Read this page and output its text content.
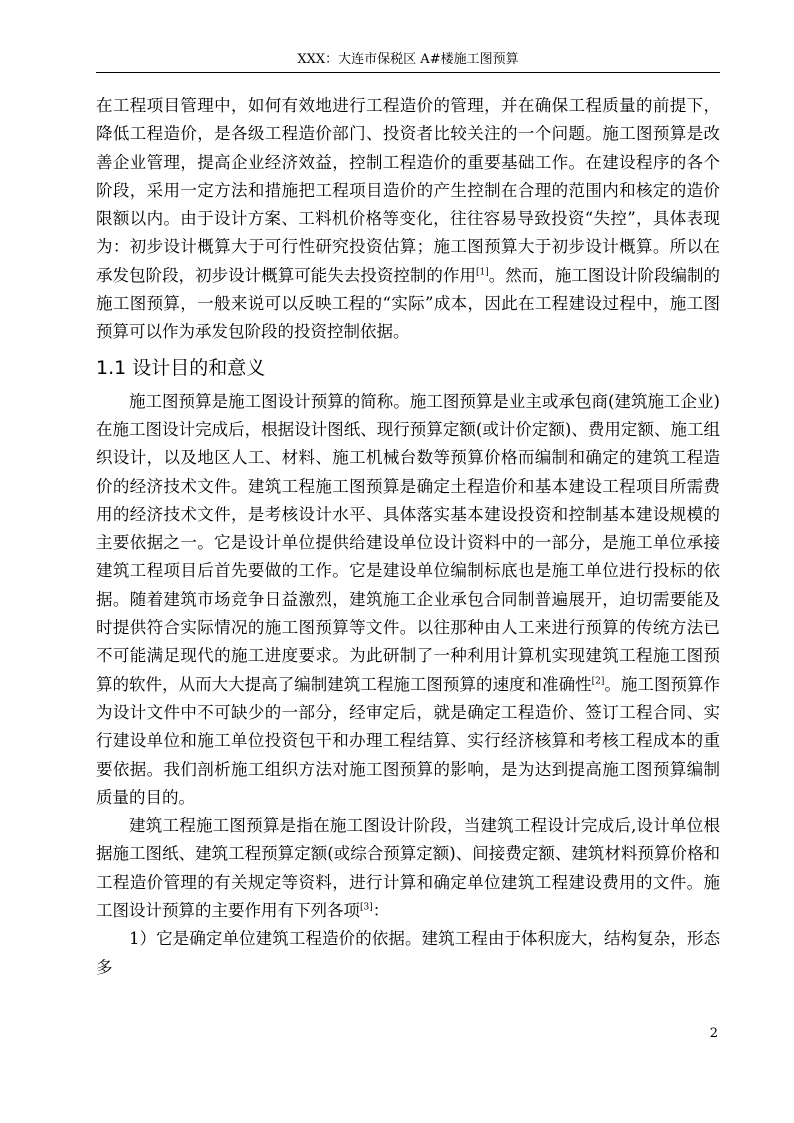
XXX：大连市保税区 A#楼施工图预算

在工程项目管理中，如何有效地进行工程造价的管理，并在确保工程质量的前提下，降低工程造价，是各级工程造价部门、投资者比较关注的一个问题。施工图预算是改善企业管理，提高企业经济效益，控制工程造价的重要基础工作。在建设程序的各个阶段，采用一定方法和措施把工程项目造价的产生控制在合理的范围内和核定的造价限额以内。由于设计方案、工料机价格等变化，往往容易导致投资“失控”，具体表现为：初步设计概算大于可行性研究投资估算；施工图预算大于初步设计概算。所以在承发包阶段，初步设计概算可能失去投资控制的作用[1]。然而，施工图设计阶段编制的施工图预算，一般来说可以反映工程的“实际”成本，因此在工程建设过程中，施工图预算可以作为承发包阶段的投资控制依据。

1.1 设计目的和意义

施工图预算是施工图设计预算的简称。施工图预算是业主或承包商(建筑施工企业)在施工图设计完成后，根据设计图纸、现行预算定额(或计价定额)、费用定额、施工组织设计，以及地区人工、材料、施工机械台数等预算价格而编制和确定的建筑工程造价的经济技术文件。建筑工程施工图预算是确定土程造价和基本建设工程项目所需费用的经济技术文件，是考核设计水平、具体落实基本建设投资和控制基本建设规模的主要依据之一。它是设计单位提供给建设单位设计资料中的一部分，是施工单位承接建筑工程项目后首先要做的工作。它是建设单位编制标底也是施工单位进行投标的依据。随着建筑市场竞争日益激烈，建筑施工企业承包合同制普遍展开，迫切需要能及时提供符合实际情况的施工图预算等文件。以往那种由人工来进行预算的传统方法已不可能满足现代的施工进度要求。为此研制了一种利用计算机实现建筑工程施工图预算的软件，从而大大提高了编制建筑工程施工图预算的速度和准确性[2]。施工图预算作为设计文件中不可缺少的一部分，经审定后，就是确定工程造价、签订工程合同、实行建设单位和施工单位投资包干和办理工程结算、实行经济核算和考核工程成本的重要依据。我们剖析施工组织方法对施工图预算的影响，是为达到提高施工图预算编制质量的目的。

建筑工程施工图预算是指在施工图设计阶段，当建筑工程设计完成后,设计单位根据施工图纸、建筑工程预算定额(或综合预算定额)、间接费定额、建筑材料预算价格和工程造价管理的有关规定等资料，进行计算和确定单位建筑工程建设费用的文件。施工图设计预算的主要作用有下列各项[3]：

1）它是确定单位建筑工程造价的依据。建筑工程由于体积庞大，结构复杂，形态多

2
